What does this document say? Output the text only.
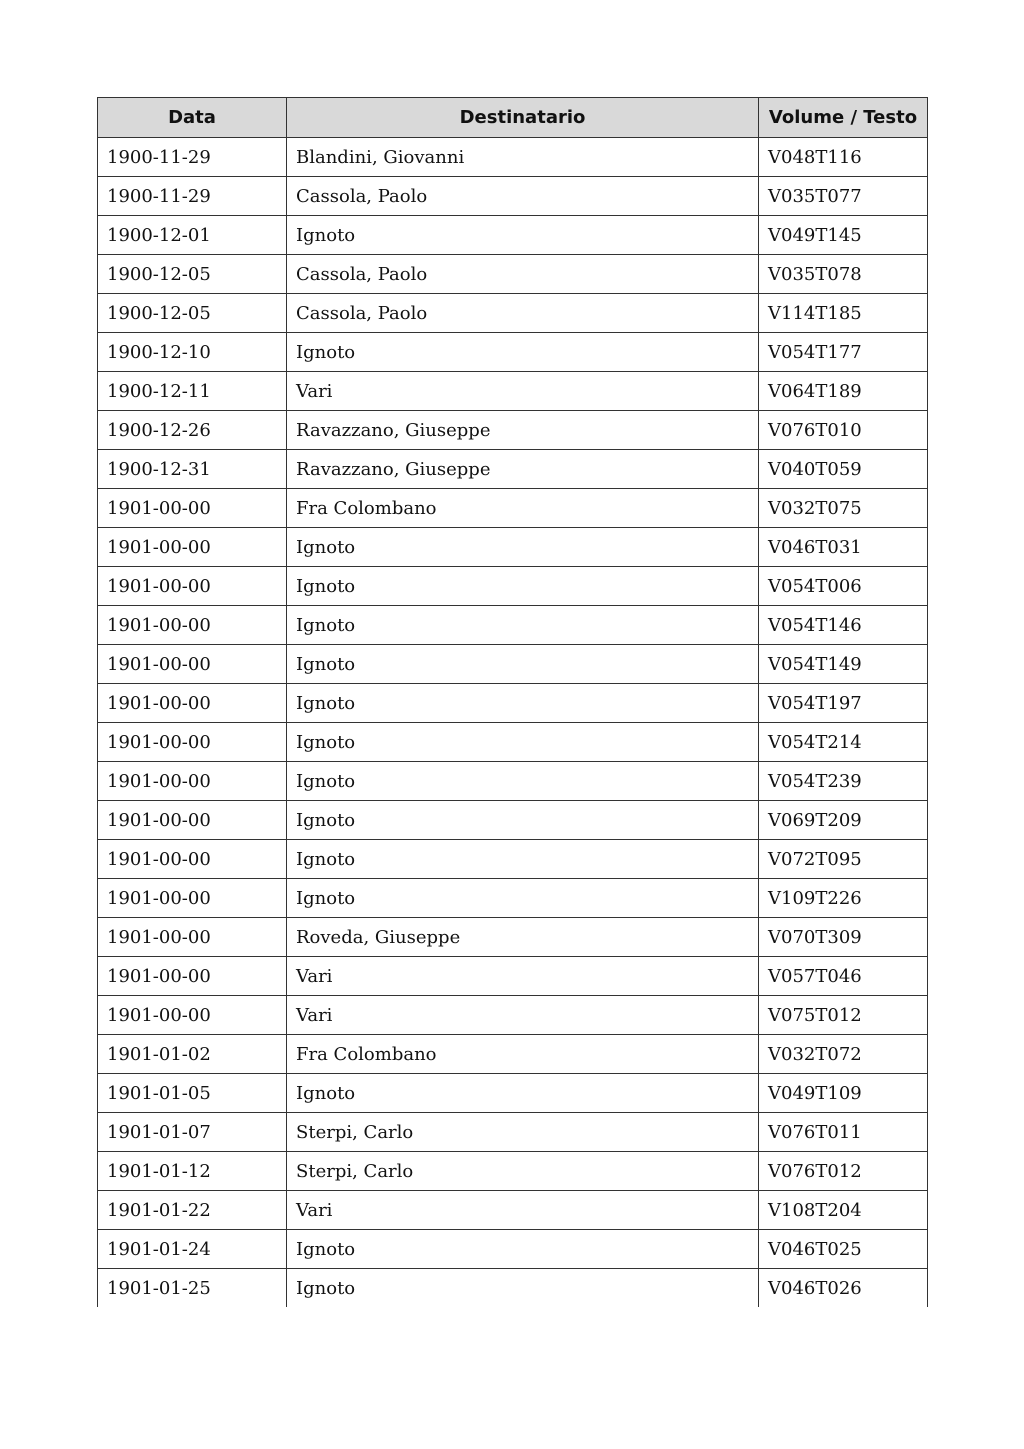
Data	Destinatario	Volume / Testo
1900-11-29	Blandini, Giovanni	V048T116
1900-11-29	Cassola, Paolo	V035T077
1900-12-01	Ignoto	V049T145
1900-12-05	Cassola, Paolo	V035T078
1900-12-05	Cassola, Paolo	V114T185
1900-12-10	Ignoto	V054T177
1900-12-11	Vari	V064T189
1900-12-26	Ravazzano, Giuseppe	V076T010
1900-12-31	Ravazzano, Giuseppe	V040T059
1901-00-00	Fra Colombano	V032T075
1901-00-00	Ignoto	V046T031
1901-00-00	Ignoto	V054T006
1901-00-00	Ignoto	V054T146
1901-00-00	Ignoto	V054T149
1901-00-00	Ignoto	V054T197
1901-00-00	Ignoto	V054T214
1901-00-00	Ignoto	V054T239
1901-00-00	Ignoto	V069T209
1901-00-00	Ignoto	V072T095
1901-00-00	Ignoto	V109T226
1901-00-00	Roveda, Giuseppe	V070T309
1901-00-00	Vari	V057T046
1901-00-00	Vari	V075T012
1901-01-02	Fra Colombano	V032T072
1901-01-05	Ignoto	V049T109
1901-01-07	Sterpi, Carlo	V076T011
1901-01-12	Sterpi, Carlo	V076T012
1901-01-22	Vari	V108T204
1901-01-24	Ignoto	V046T025
1901-01-25	Ignoto	V046T026
